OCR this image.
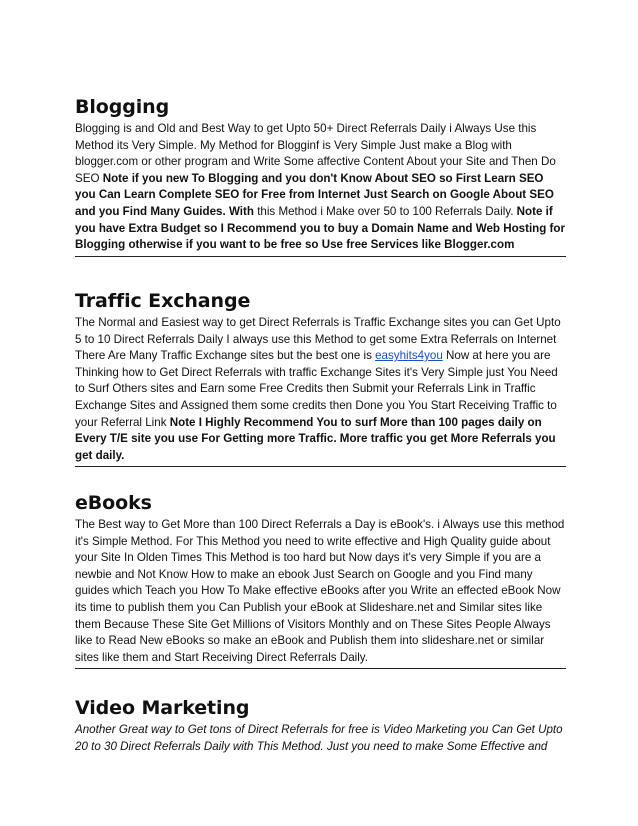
Blogging

Blogging is and Old and Best Way to get Upto 50+ Direct Referrals Daily i Always Use this Method its Very Simple. My Method for Blogginf is Very Simple Just make a Blog with blogger.com or other program and Write Some affective Content About your Site and Then Do SEO Note if you new To Blogging and you don't Know About SEO so First Learn SEO you Can Learn Complete SEO for Free from Internet Just Search on Google About SEO and you Find Many Guides. With this Method i Make over 50 to 100 Referrals Daily. Note if you have Extra Budget so I Recommend you to buy a Domain Name and Web Hosting for Blogging otherwise if you want to be free so Use free Services like Blogger.com

Traffic Exchange

The Normal and Easiest way to get Direct Referrals is Traffic Exchange sites you can Get Upto 5 to 10 Direct Referrals Daily I always use this Method to get some Extra Referrals on Internet There Are Many Traffic Exchange sites but the best one is easyhits4you Now at here you are Thinking how to Get Direct Referrals with traffic Exchange Sites it's Very Simple just You Need to Surf Others sites and Earn some Free Credits then Submit your Referrals Link in Traffic Exchange Sites and Assigned them some credits then Done you You Start Receiving Traffic to your Referral Link Note I Highly Recommend You to surf More than 100 pages daily on Every T/E site you use For Getting more Traffic. More traffic you get More Referrals you get daily.

eBooks

The Best way to Get More than 100 Direct Referrals a Day is eBook's. i Always use this method it's Simple Method. For This Method you need to write effective and High Quality guide about your Site In Olden Times This Method is too hard but Now days it's very Simple if you are a newbie and Not Know How to make an ebook Just Search on Google and you Find many guides which Teach you How To Make effective eBooks after you Write an effected eBook Now its time to publish them you Can Publish your eBook at Slideshare.net and Similar sites like them Because These Site Get Millions of Visitors Monthly and on These Sites People Always like to Read New eBooks so make an eBook and Publish them into slideshare.net or similar sites like them and Start Receiving Direct Referrals Daily.

Video Marketing

Another Great way to Get tons of Direct Referrals for free is Video Marketing you Can Get Upto 20 to 30 Direct Referrals Daily with This Method. Just you need to make Some Effective and
